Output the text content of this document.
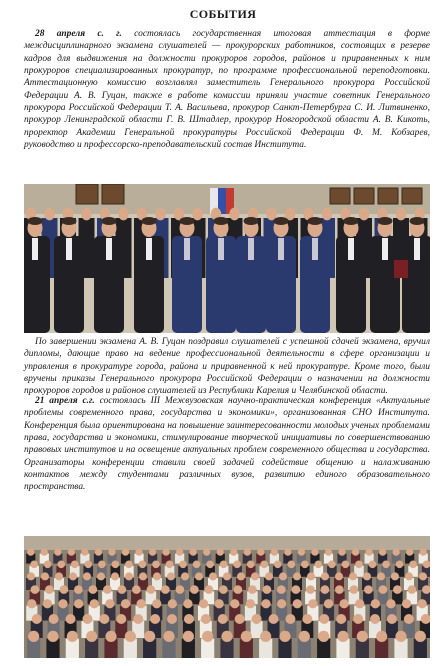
СОБЫТИЯ

28 апреля с. г. состоялась государственная итоговая аттестация в форме междисциплинарного экзамена слушателей — прокурорских работников, состоящих в резерве кадров для выдвижения на должности прокуроров городов, районов и приравненных к ним прокуроров специализированных прокуратур, по программе профессиональной переподготовки. Аттестационную комиссию возглавлял заместитель Генерального прокурора Российской Федерации А. В. Гуцан, также в работе комиссии приняли участие советник Генерального прокурора Российской Федерации Т. А. Васильева, прокурор Санкт-Петербурга С. И. Литвиненко, прокурор Ленинградской области Г. В. Штадлер, прокурор Новгородской области А. В. Кикоть, проректор Академии Генеральной прокуратуры Российской Федерации Ф. М. Кобзарев, руководство и профессорско-преподавательский состав Института.

По завершении экзамена А. В. Гуцан поздравил слушателей с успешной сдачей экзамена, вручил дипломы, дающие право на ведение профессиональной деятельности в сфере организации и управления в прокуратуре города, района и приравненной к ней прокуратуре. Кроме того, были вручены приказы Генерального прокурора Российской Федерации о назначении на должности прокуроров городов и районов слушателей из Республики Карелия и Челябинской области.

21 апреля с.г. состоялась III Межвузовская научно-практическая конференция «Актуальные проблемы современного права, государства и экономики», организованная СНО Института. Конференция была ориентирована на повышение заинтересованности молодых ученых проблемами права, государства и экономики, стимулирование творческой инициативы по совершенствованию правовых институтов и на освещение актуальных проблем современного общества и государства. Организаторы конференции ставили своей задачей содействие общению и налаживанию контактов между студентами различных вузов, развитию единого образовательного пространства.
